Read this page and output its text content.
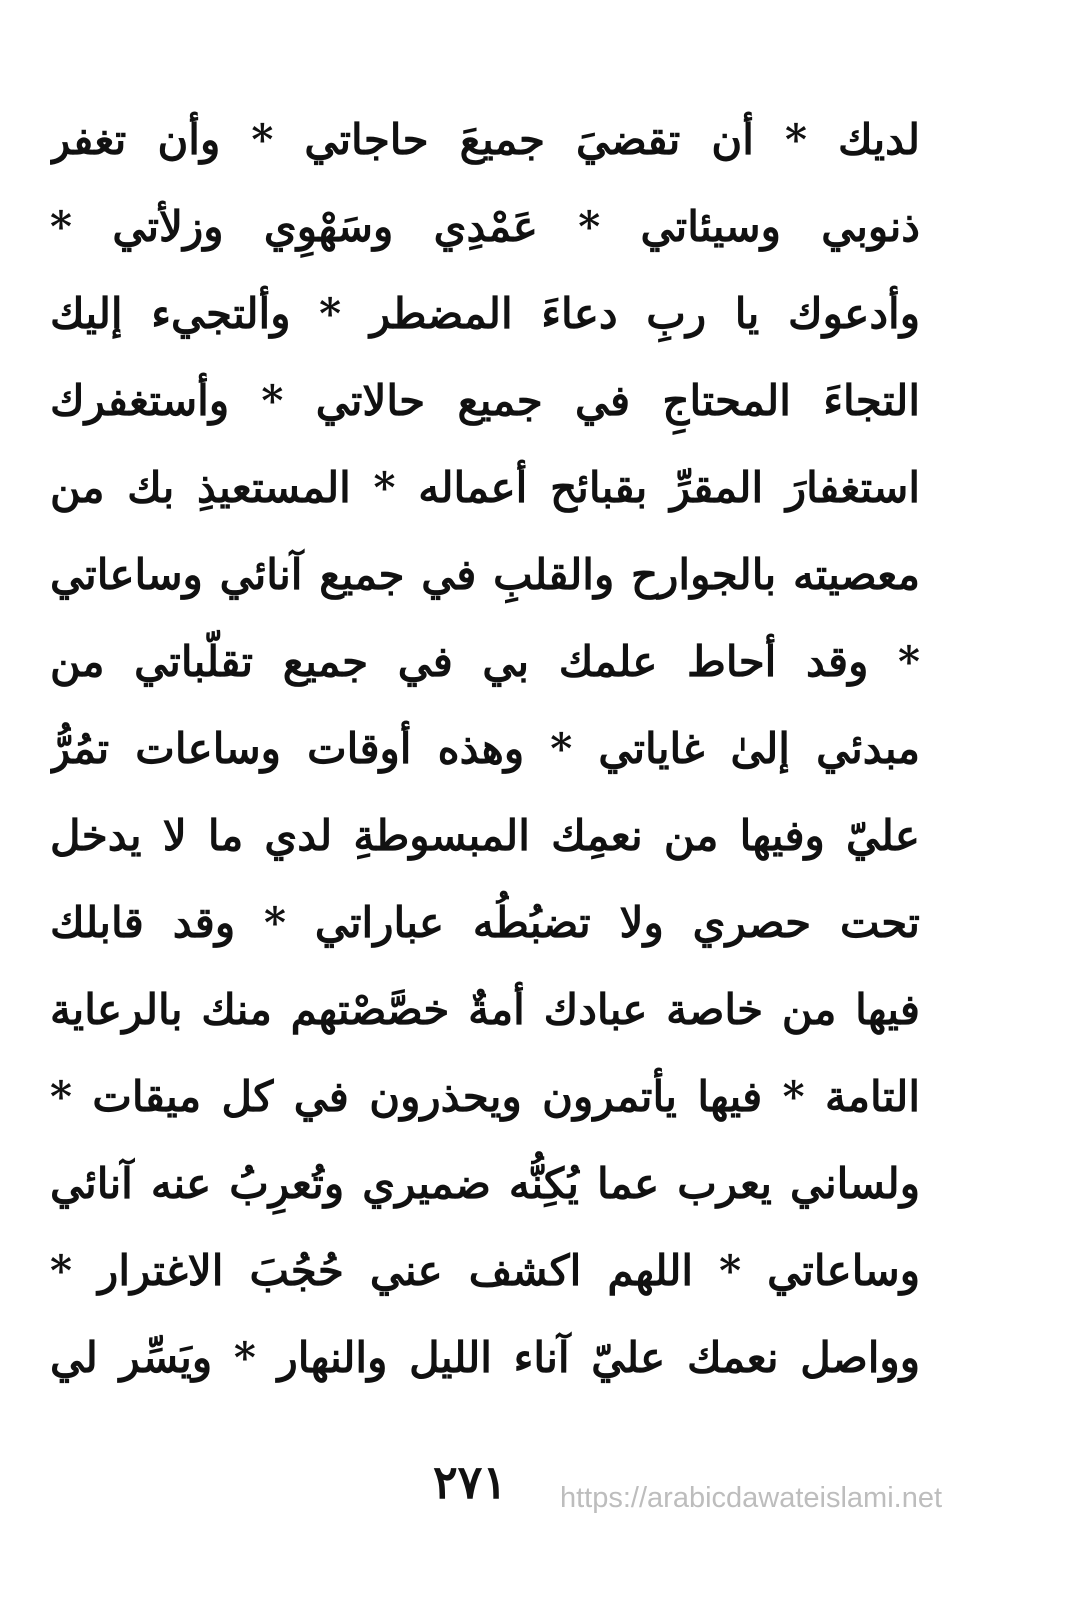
لديك * أن تقضيَ جميعَ حاجاتي * وأن تغفر
ذنوبي وسيئاتي * عَمْدِي وسَهْوِي وزلأتي *
وأدعوك يا ربِ دعاءَ المضطر * وألتجيء إليك
التجاءَ المحتاجِ في جميع حالاتي * وأستغفرك
استغفارَ المقرِّ بقبائح أعماله * المستعيذِ بك من
معصيته بالجوارح والقلبِ في جميع آنائي وساعاتي
* وقد أحاط علمك بي في جميع تقلّباتي من
مبدئي إلىٰ غاياتي * وهذه أوقات وساعات تمُرُّ
عليّ وفيها من نعمِك المبسوطةِ لدي ما لا يدخل
تحت حصري ولا تضبُطُه عباراتي * وقد قابلك
فيها من خاصة عبادك أمةٌ خصَّصْتهم منك بالرعاية
التامة * فيها يأتمرون ويحذرون في كل ميقات *
ولساني يعرب عما يُكِنُّه ضميري وتُعرِبُ عنه آنائي
وساعاتي * اللهم اكشف عني حُجُبَ الاغترار *
وواصل نعمك عليّ آناء الليل والنهار * ويَسِّر لي
٢٧١	https://arabicdawateislami.net
